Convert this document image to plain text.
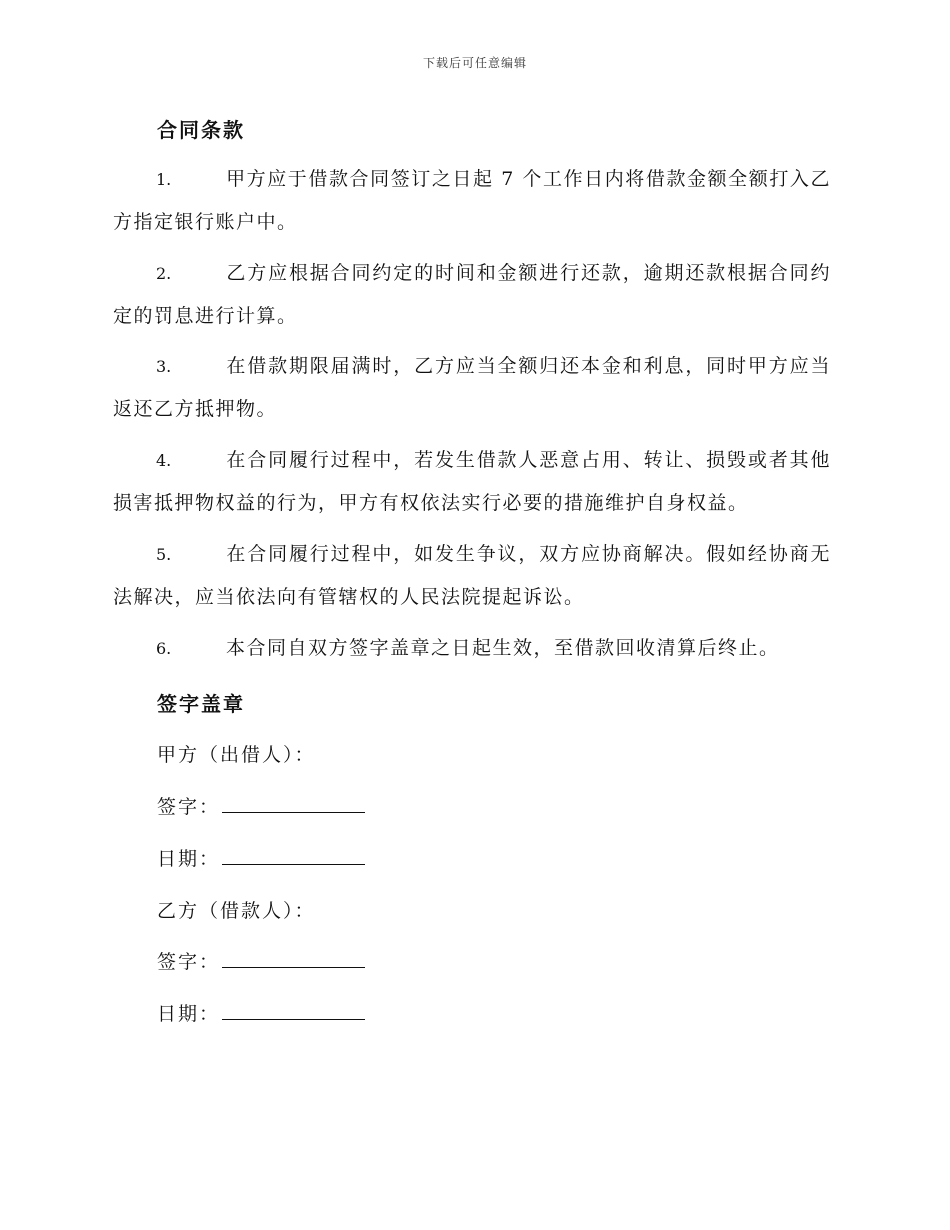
下载后可任意编辑
合同条款
1.	甲方应于借款合同签订之日起 7 个工作日内将借款金额全额打入乙方指定银行账户中。
2.	乙方应根据合同约定的时间和金额进行还款，逾期还款根据合同约定的罚息进行计算。
3.	在借款期限届满时，乙方应当全额归还本金和利息，同时甲方应当返还乙方抵押物。
4.	在合同履行过程中，若发生借款人恶意占用、转让、损毁或者其他损害抵押物权益的行为，甲方有权依法实行必要的措施维护自身权益。
5.	在合同履行过程中，如发生争议，双方应协商解决。假如经协商无法解决，应当依法向有管辖权的人民法院提起诉讼。
6.	本合同自双方签字盖章之日起生效，至借款回收清算后终止。
签字盖章
甲方（出借人）：
签字：
日期：
乙方（借款人）：
签字：
日期：
